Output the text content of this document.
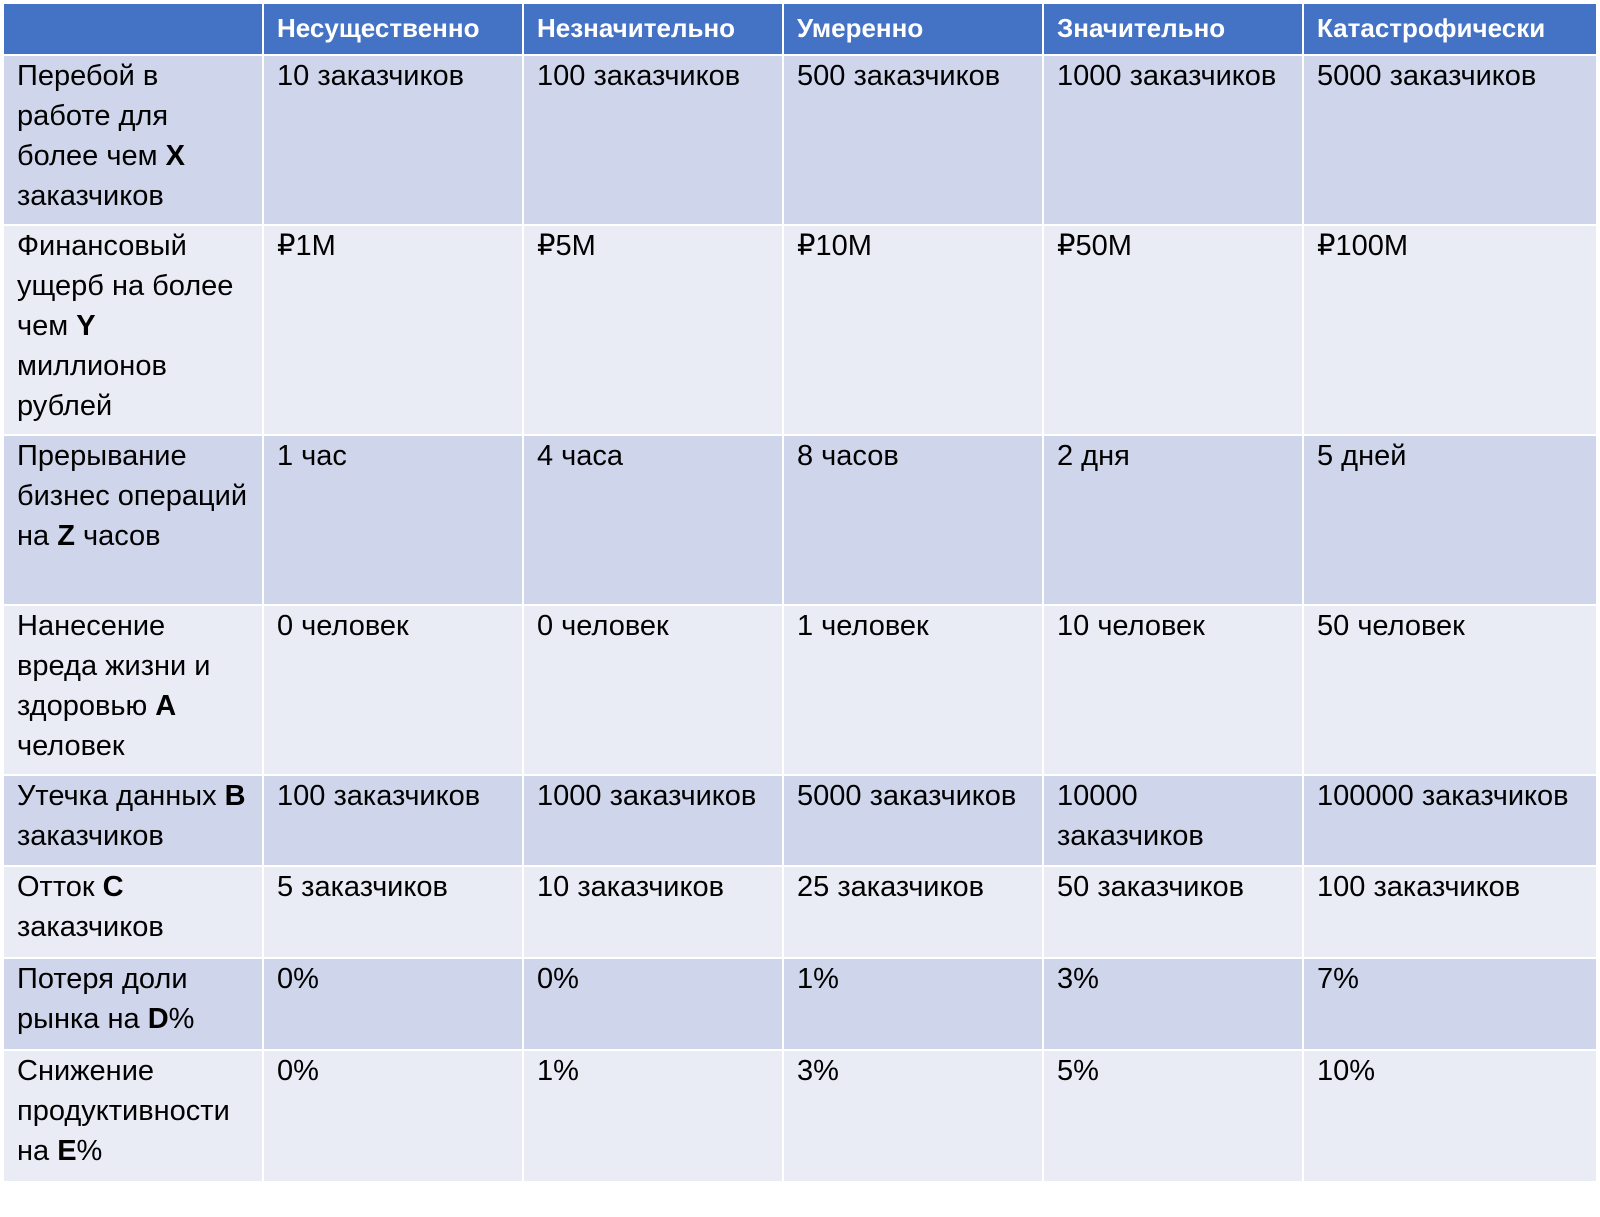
	Несущественно	Незначительно	Умеренно	Значительно	Катастрофически
Перебой в работе для более чем X заказчиков	10 заказчиков	100 заказчиков	500 заказчиков	1000 заказчиков	5000 заказчиков
Финансовый ущерб на более чем Y миллионов рублей	₽1M	₽5M	₽10M	₽50M	₽100M
Прерывание бизнес операций на Z часов	1 час	4 часа	8 часов	2 дня	5 дней
Нанесение вреда жизни и здоровью A человек	0 человек	0 человек	1 человек	10 человек	50 человек
Утечка данных B заказчиков	100 заказчиков	1000 заказчиков	5000 заказчиков	10000 заказчиков	100000 заказчиков
Отток C заказчиков	5 заказчиков	10 заказчиков	25 заказчиков	50 заказчиков	100 заказчиков
Потеря доли рынка на D%	0%	0%	1%	3%	7%
Снижение продуктивности на E%	0%	1%	3%	5%	10%
